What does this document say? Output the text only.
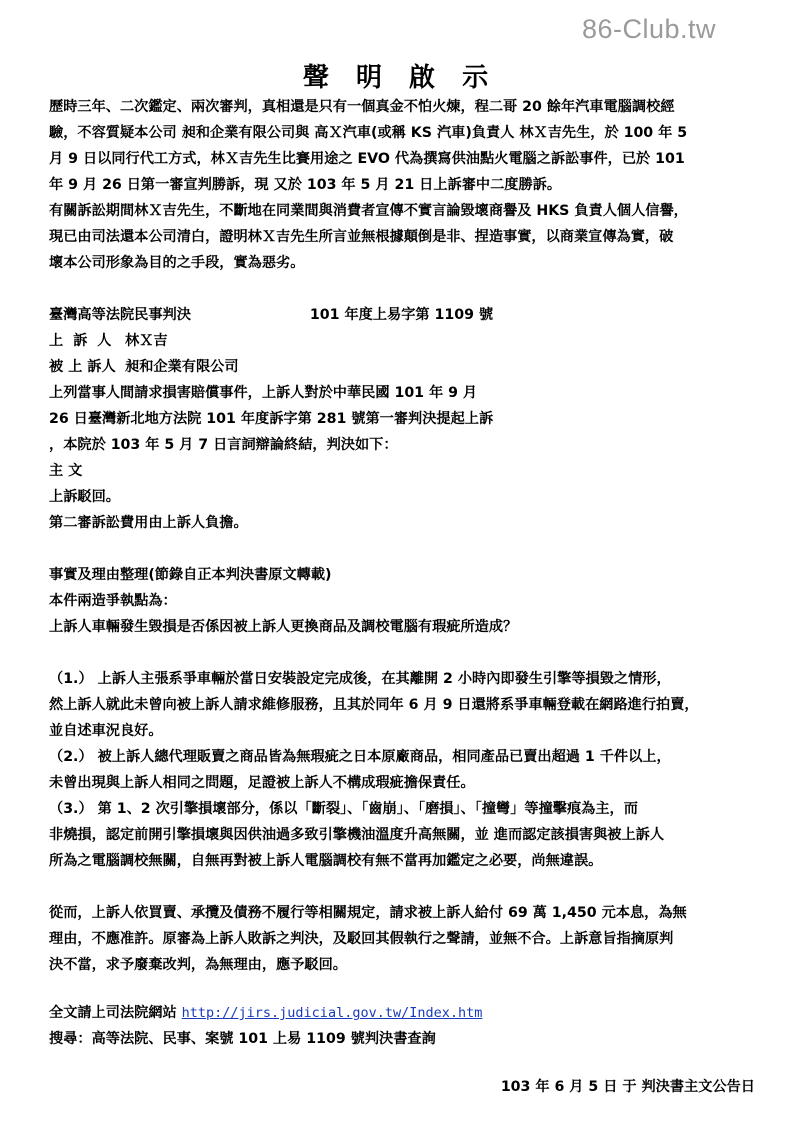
86-Club.tw
聲 明 啟 示

歷時三年、二次鑑定、兩次審判，真相還是只有一個真金不怕火煉，程二哥 20 餘年汽車電腦調校經
驗，不容質疑本公司 昶和企業有限公司與 高Ｘ汽車(或稱 KS 汽車)負責人 林Ｘ吉先生，於 100 年 5
月 9 日以同行代工方式，林Ｘ吉先生比賽用途之 EVO 代為撰寫供油點火電腦之訴訟事件，已於 101
年 9 月 26 日第一審宣判勝訴，現 又於 103 年 5 月 21 日上訴審中二度勝訴。

有關訴訟期間林Ｘ吉先生，不斷地在同業間與消費者宣傳不實言論毀壞商譽及 HKS 負責人個人信譽，
現已由司法還本公司清白，證明林Ｘ吉先生所言並無根據顛倒是非、捏造事實，以商業宣傳為實，破
壞本公司形象為目的之手段，實為惡劣。

臺灣高等法院民事判決	101 年度上易字第 1109 號
上  訴  人 林Ｘ吉
被 上 訴人 昶和企業有限公司
上列當事人間請求損害賠償事件，上訴人對於中華民國 101 年 9 月
26 日臺灣新北地方法院 101 年度訴字第 281 號第一審判決提起上訴
，本院於 103 年 5 月 7 日言詞辯論終結，判決如下：
主 文
上訴駁回。
第二審訴訟費用由上訴人負擔。
事實及理由整理(節錄自正本判決書原文轉載)
本件兩造爭執點為：
上訴人車輛發生毀損是否係因被上訴人更換商品及調校電腦有瑕疵所造成？
（1.） 上訴人主張系爭車輛於當日安裝設定完成後，在其離開 2 小時內即發生引擎等損毀之情形，
然上訴人就此未曾向被上訴人請求維修服務，且其於同年 6 月 9 日還將系爭車輛登載在網路進行拍賣，
並自述車況良好。
（2.） 被上訴人總代理販賣之商品皆為無瑕疵之日本原廠商品，相同產品已賣出超過 1 千件以上，
未曾出現與上訴人相同之問題，足證被上訴人不構成瑕疵擔保責任。
（3.） 第 1、2 次引擎損壞部分，係以「斷裂」、「齒崩」、「磨損」、「撞彎」等撞擊痕為主，而
非燒損，認定前開引擎損壞與因供油過多致引擎機油溫度升高無關，並 進而認定該損害與被上訴人
所為之電腦調校無關，自無再對被上訴人電腦調校有無不當再加鑑定之必要，尚無違誤。

從而，上訴人依買賣、承攬及債務不履行等相關規定，請求被上訴人給付 69 萬 1,450 元本息，為無
理由，不應准許。原審為上訴人敗訴之判決，及駁回其假執行之聲請，並無不合。上訴意旨指摘原判
決不當，求予廢棄改判，為無理由，應予駁回。

全文請上司法院網站 http://jirs.judicial.gov.tw/Index.htm
搜尋：高等法院、民事、案號 101 上易 1109 號判決書查詢
103 年 6 月 5 日 于 判決書主文公告日
